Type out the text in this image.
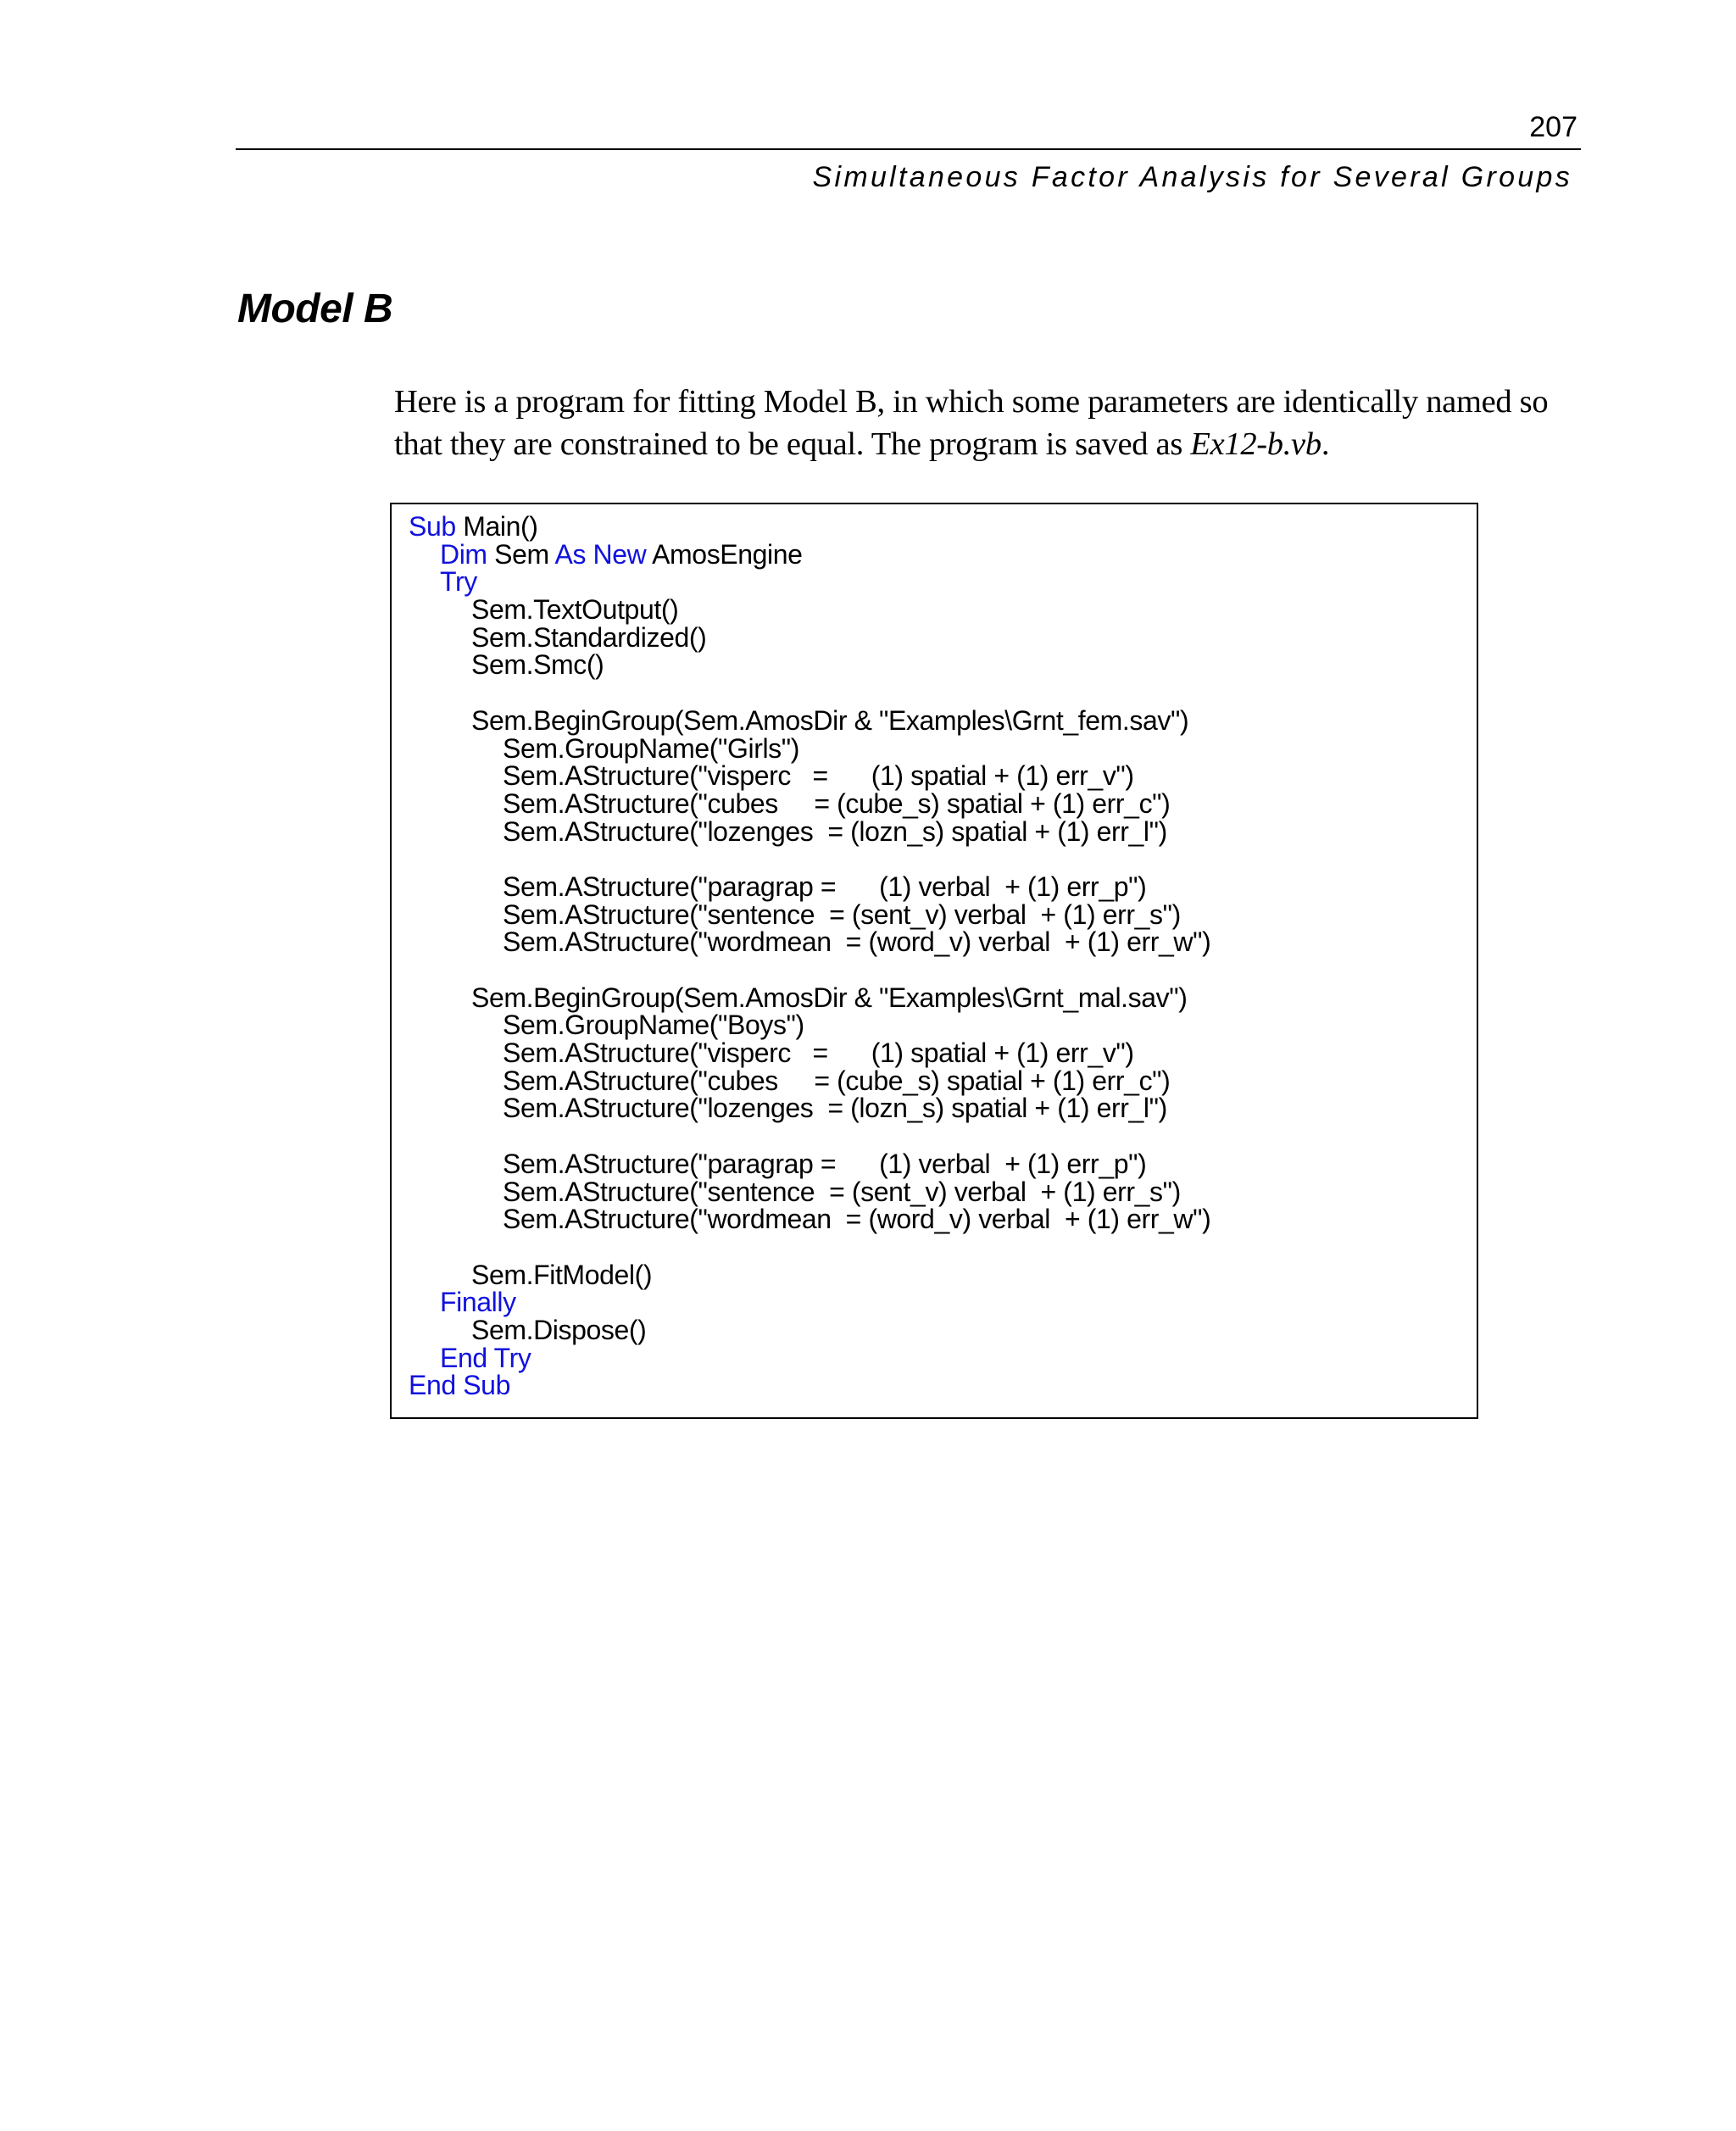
207
Simultaneous Factor Analysis for Several Groups
Model B

Here is a program for fitting Model B, in which some parameters are identically named so that they are constrained to be equal. The program is saved as Ex12-b.vb.

Sub Main()
Dim Sem As New AmosEngine
Try
Sem.TextOutput()
Sem.Standardized()
Sem.Smc()
Sem.BeginGroup(Sem.AmosDir & "Examples\Grnt_fem.sav")
Sem.GroupName("Girls")
Sem.AStructure("visperc   =      (1) spatial + (1) err_v")
Sem.AStructure("cubes     = (cube_s) spatial + (1) err_c")
Sem.AStructure("lozenges  = (lozn_s) spatial + (1) err_l")
Sem.AStructure("paragrap =      (1) verbal  + (1) err_p")
Sem.AStructure("sentence  = (sent_v) verbal  + (1) err_s")
Sem.AStructure("wordmean  = (word_v) verbal  + (1) err_w")
Sem.BeginGroup(Sem.AmosDir & "Examples\Grnt_mal.sav")
Sem.GroupName("Boys")
Sem.AStructure("visperc   =      (1) spatial + (1) err_v")
Sem.AStructure("cubes     = (cube_s) spatial + (1) err_c")
Sem.AStructure("lozenges  = (lozn_s) spatial + (1) err_l")
Sem.AStructure("paragrap =      (1) verbal  + (1) err_p")
Sem.AStructure("sentence  = (sent_v) verbal  + (1) err_s")
Sem.AStructure("wordmean  = (word_v) verbal  + (1) err_w")
Sem.FitModel()
Finally
Sem.Dispose()
End Try
End Sub
